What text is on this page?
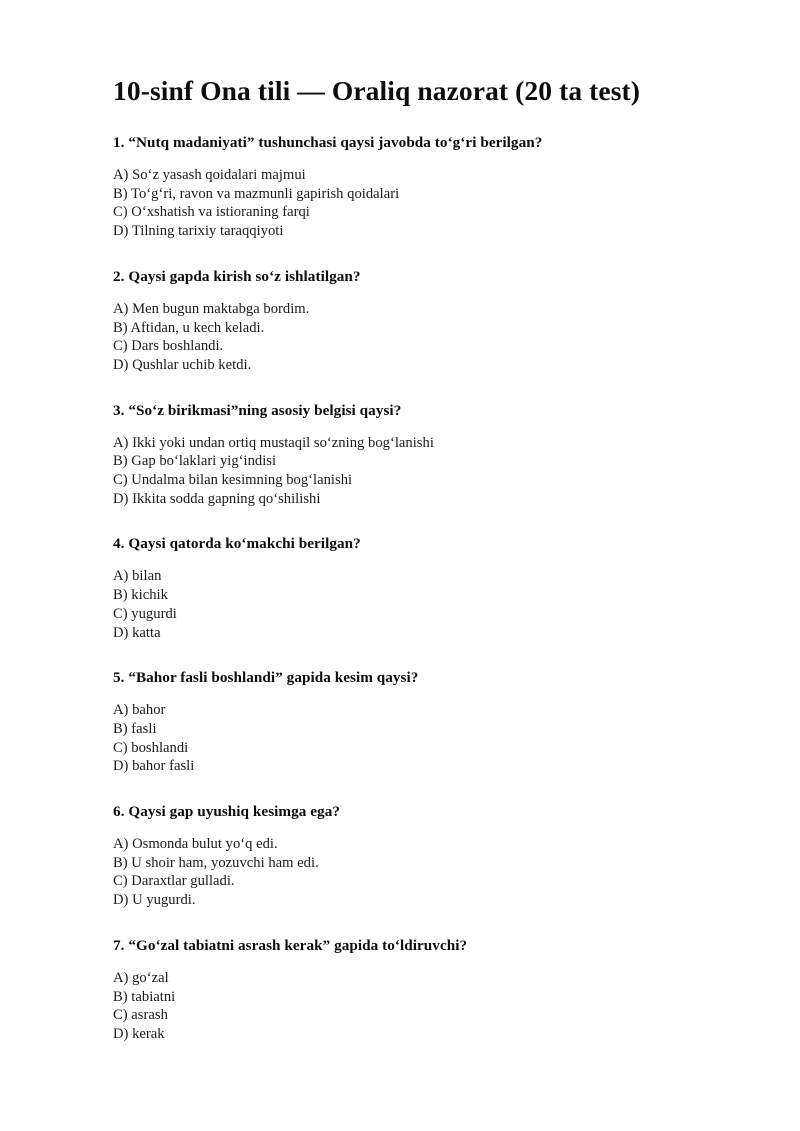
10-sinf Ona tili — Oraliq nazorat (20 ta test)

1. “Nutq madaniyati” tushunchasi qaysi javobda toʻgʻri berilgan?

A) Soʻz yasash qoidalari majmui
B) Toʻgʻri, ravon va mazmunli gapirish qoidalari
C) Oʻxshatish va istioraning farqi
D) Tilning tarixiy taraqqiyoti

2. Qaysi gapda kirish soʻz ishlatilgan?

A) Men bugun maktabga bordim.
B) Aftidan, u kech keladi.
C) Dars boshlandi.
D) Qushlar uchib ketdi.

3. “Soʻz birikmasi”ning asosiy belgisi qaysi?

A) Ikki yoki undan ortiq mustaqil soʻzning bogʻlanishi
B) Gap boʻlaklari yigʻindisi
C) Undalma bilan kesimning bogʻlanishi
D) Ikkita sodda gapning qoʻshilishi

4. Qaysi qatorda koʻmakchi berilgan?

A) bilan
B) kichik
C) yugurdi
D) katta

5. “Bahor fasli boshlandi” gapida kesim qaysi?

A) bahor
B) fasli
C) boshlandi
D) bahor fasli

6. Qaysi gap uyushiq kesimga ega?

A) Osmonda bulut yoʻq edi.
B) U shoir ham, yozuvchi ham edi.
C) Daraxtlar gulladi.
D) U yugurdi.

7. “Goʻzal tabiatni asrash kerak” gapida toʻldiruvchi?

A) goʻzal
B) tabiatni
C) asrash
D) kerak
